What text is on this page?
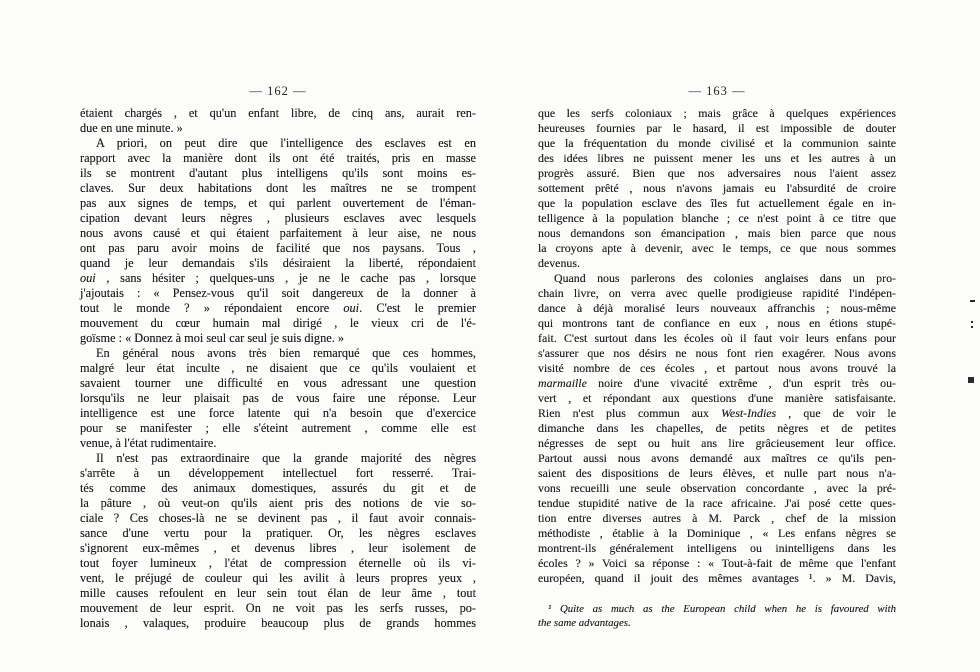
— 162 —
étaient chargés , et qu'un enfant libre, de cinq ans, aurait ren-
due en une minute. »
A priori, on peut dire que l'intelligence des esclaves est en
rapport avec la manière dont ils ont été traités, pris en masse
ils se montrent d'autant plus intelligens qu'ils sont moins es-
claves. Sur deux habitations dont les maîtres ne se trompent
pas aux signes de temps, et qui parlent ouvertement de l'éman-
cipation devant leurs nègres , plusieurs esclaves avec lesquels
nous avons causé et qui étaient parfaitement à leur aise, ne nous
ont pas paru avoir moins de facilité que nos paysans. Tous ,
quand je leur demandais s'ils désiraient la liberté, répondaient
oui , sans hésiter ; quelques-uns , je ne le cache pas , lorsque
j'ajoutais : « Pensez-vous qu'il soit dangereux de la donner à
tout le monde ? » répondaient encore oui. C'est le premier
mouvement du cœur humain mal dirigé , le vieux cri de l'é-
goïsme : « Donnez à moi seul car seul je suis digne. »
En général nous avons très bien remarqué que ces hommes,
malgré leur état inculte , ne disaient que ce qu'ils voulaient et
savaient tourner une difficulté en vous adressant une question
lorsqu'ils ne leur plaisait pas de vous faire une réponse. Leur
intelligence est une force latente qui n'a besoin que d'exercice
pour se manifester ; elle s'éteint autrement , comme elle est
venue, à l'état rudimentaire.
Il n'est pas extraordinaire que la grande majorité des nègres
s'arrête à un développement intellectuel fort resserré. Trai-
tés comme des animaux domestiques, assurés du git et de
la pâture , où veut-on qu'ils aient pris des notions de vie so-
ciale ? Ces choses-là ne se devinent pas , il faut avoir connais-
sance d'une vertu pour la pratiquer. Or, les nègres esclaves
s'ignorent eux-mêmes , et devenus libres , leur isolement de
tout foyer lumineux , l'état de compression éternelle où ils vi-
vent, le préjugé de couleur qui les avilit à leurs propres yeux ,
mille causes refoulent en leur sein tout élan de leur âme , tout
mouvement de leur esprit. On ne voit pas les serfs russes, po-
lonais , valaques, produire beaucoup plus de grands hommes
— 163 —
que les serfs coloniaux ; mais grâce à quelques expériences
heureuses fournies par le hasard, il est impossible de douter
que la fréquentation du monde civilisé et la communion sainte
des idées libres ne puissent mener les uns et les autres à un
progrès assuré. Bien que nos adversaires nous l'aient assez
sottement prêté , nous n'avons jamais eu l'absurdité de croire
que la population esclave des îles fut actuellement égale en in-
telligence à la population blanche ; ce n'est point à ce titre que
nous demandons son émancipation , mais bien parce que nous
la croyons apte à devenir, avec le temps, ce que nous sommes
devenus.
Quand nous parlerons des colonies anglaises dans un pro-
chain livre, on verra avec quelle prodigieuse rapidité l'indépen-
dance à déjà moralisé leurs nouveaux affranchis ; nous-même
qui montrons tant de confiance en eux , nous en étions stupé-
fait. C'est surtout dans les écoles où il faut voir leurs enfans pour
s'assurer que nos désirs ne nous font rien exagérer. Nous avons
visité nombre de ces écoles , et partout nous avons trouvé la
marmaille noire d'une vivacité extrême , d'un esprit très ou-
vert , et répondant aux questions d'une manière satisfaisante.
Rien n'est plus commun aux West-Indies , que de voir le
dimanche dans les chapelles, de petits nègres et de petites
négresses de sept ou huit ans lire grâcieusement leur office.
Partout aussi nous avons demandé aux maîtres ce qu'ils pen-
saient des dispositions de leurs élèves, et nulle part nous n'a-
vons recueilli une seule observation concordante , avec la pré-
tendue stupidité native de la race africaine. J'ai posé cette ques-
tion entre diverses autres à M. Parck , chef de la mission
méthodiste , établie à la Dominique , « Les enfans nègres se
montrent-ils généralement intelligens ou inintelligens dans les
écoles ? » Voici sa réponse : « Tout-à-fait de même que l'enfant
européen, quand il jouit des mêmes avantages ¹. » M. Davis,
¹ Quite as much as the European child when he is favoured with
the same advantages.
